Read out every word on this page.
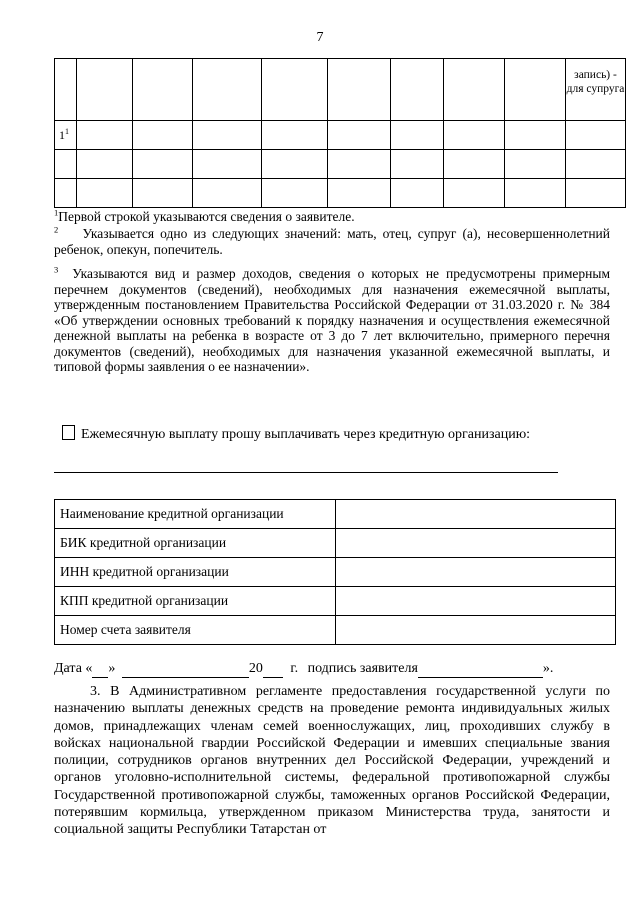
7

									запись) - для супруга

$1^1$

$^1$Первой строкой указываются сведения о заявителе.
$^2$ Указывается одно из следующих значений: мать, отец, супруг (а), несовершеннолетний ребенок, опекун, попечитель.
$^3$ Указываются вид и размер доходов, сведения о которых не предусмотрены примерным перечнем документов (сведений), необходимых для назначения ежемесячной выплаты, утвержденным постановлением Правительства Российской Федерации от 31.03.2020 г. № 384 «Об утверждении основных требований к порядку назначения и осуществления ежемесячной денежной выплаты на ребенка в возрасте от 3 до 7 лет включительно, примерного перечня документов (сведений), необходимых для назначения указанной ежемесячной выплаты, и типовой формы заявления о ее назначении».
Ежемесячную выплату прошу выплачивать через кредитную организацию:
Наименование кредитной организации	
БИК кредитной организации	
ИНН кредитной организации	
КПП кредитной организации	
Номер счета заявителя	
Дата « »	20 г. подпись заявителя	».
3. В Административном регламенте предоставления государственной услуги по назначению выплаты денежных средств на проведение ремонта индивидуальных жилых домов, принадлежащих членам семей военнослужащих, лиц, проходивших службу в войсках национальной гвардии Российской Федерации и имевших специальные звания полиции, сотрудников органов внутренних дел Российской Федерации, учреждений и органов уголовно-исполнительной системы, федеральной противопожарной службы Государственной противопожарной службы, таможенных органов Российской Федерации, потерявшим кормильца, утвержденном приказом Министерства труда, занятости и социальной защиты Республики Татарстан от
